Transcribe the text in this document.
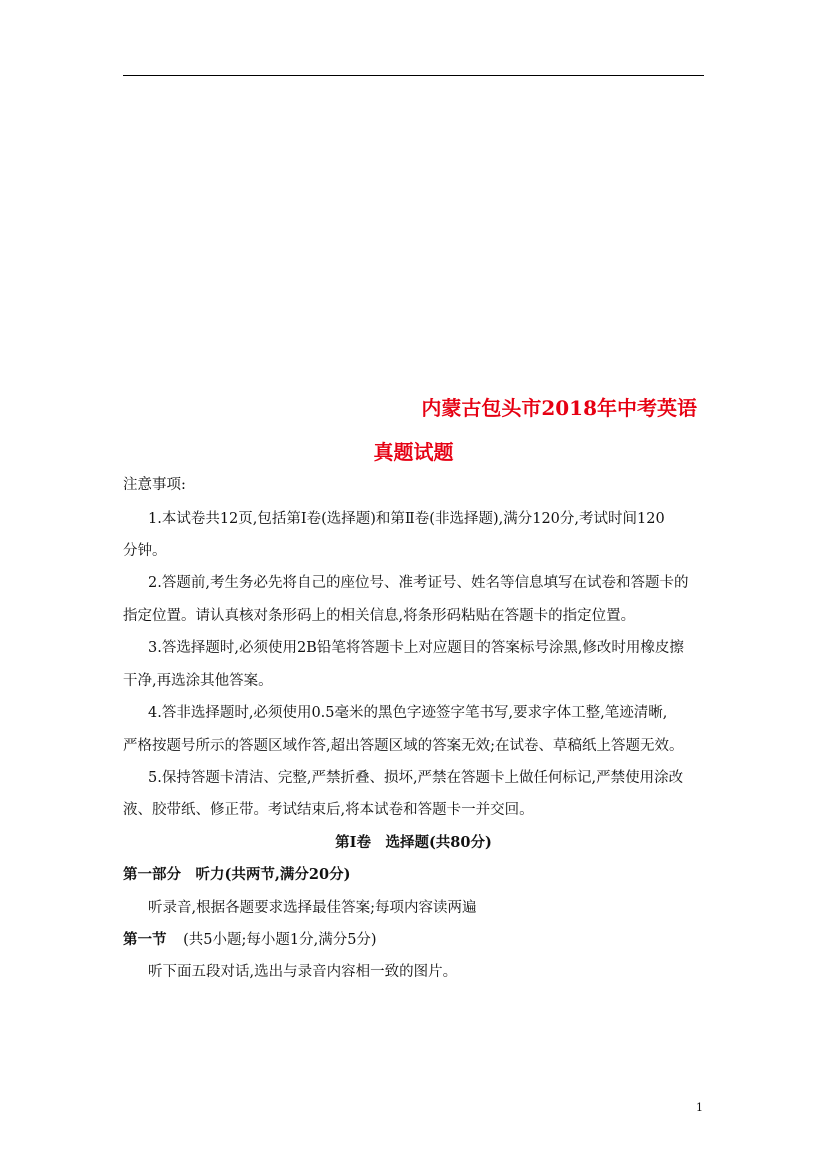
内蒙古包头市2018年中考英语
真题试题
注意事项:
1.本试卷共12页,包括第Ⅰ卷(选择题)和第Ⅱ卷(非选择题),满分120分,考试时间120
分钟。
2.答题前,考生务必先将自己的座位号、准考证号、姓名等信息填写在试卷和答题卡的
指定位置。请认真核对条形码上的相关信息,将条形码粘贴在答题卡的指定位置。
3.答选择题时,必须使用2B铅笔将答题卡上对应题目的答案标号涂黑,修改时用橡皮擦
干净,再选涂其他答案。
4.答非选择题时,必须使用0.5毫米的黑色字迹签字笔书写,要求字体工整,笔迹清晰,
严格按题号所示的答题区域作答,超出答题区域的答案无效;在试卷、草稿纸上答题无效。
5.保持答题卡清洁、完整,严禁折叠、损坏,严禁在答题卡上做任何标记,严禁使用涂改
液、胶带纸、修正带。考试结束后,将本试卷和答题卡一并交回。
第Ⅰ卷　选择题(共80分)
第一部分　听力(共两节,满分20分)
听录音,根据各题要求选择最佳答案;每项内容读两遍
第一节 (共5小题;每小题1分,满分5分)
听下面五段对话,选出与录音内容相一致的图片。
1
